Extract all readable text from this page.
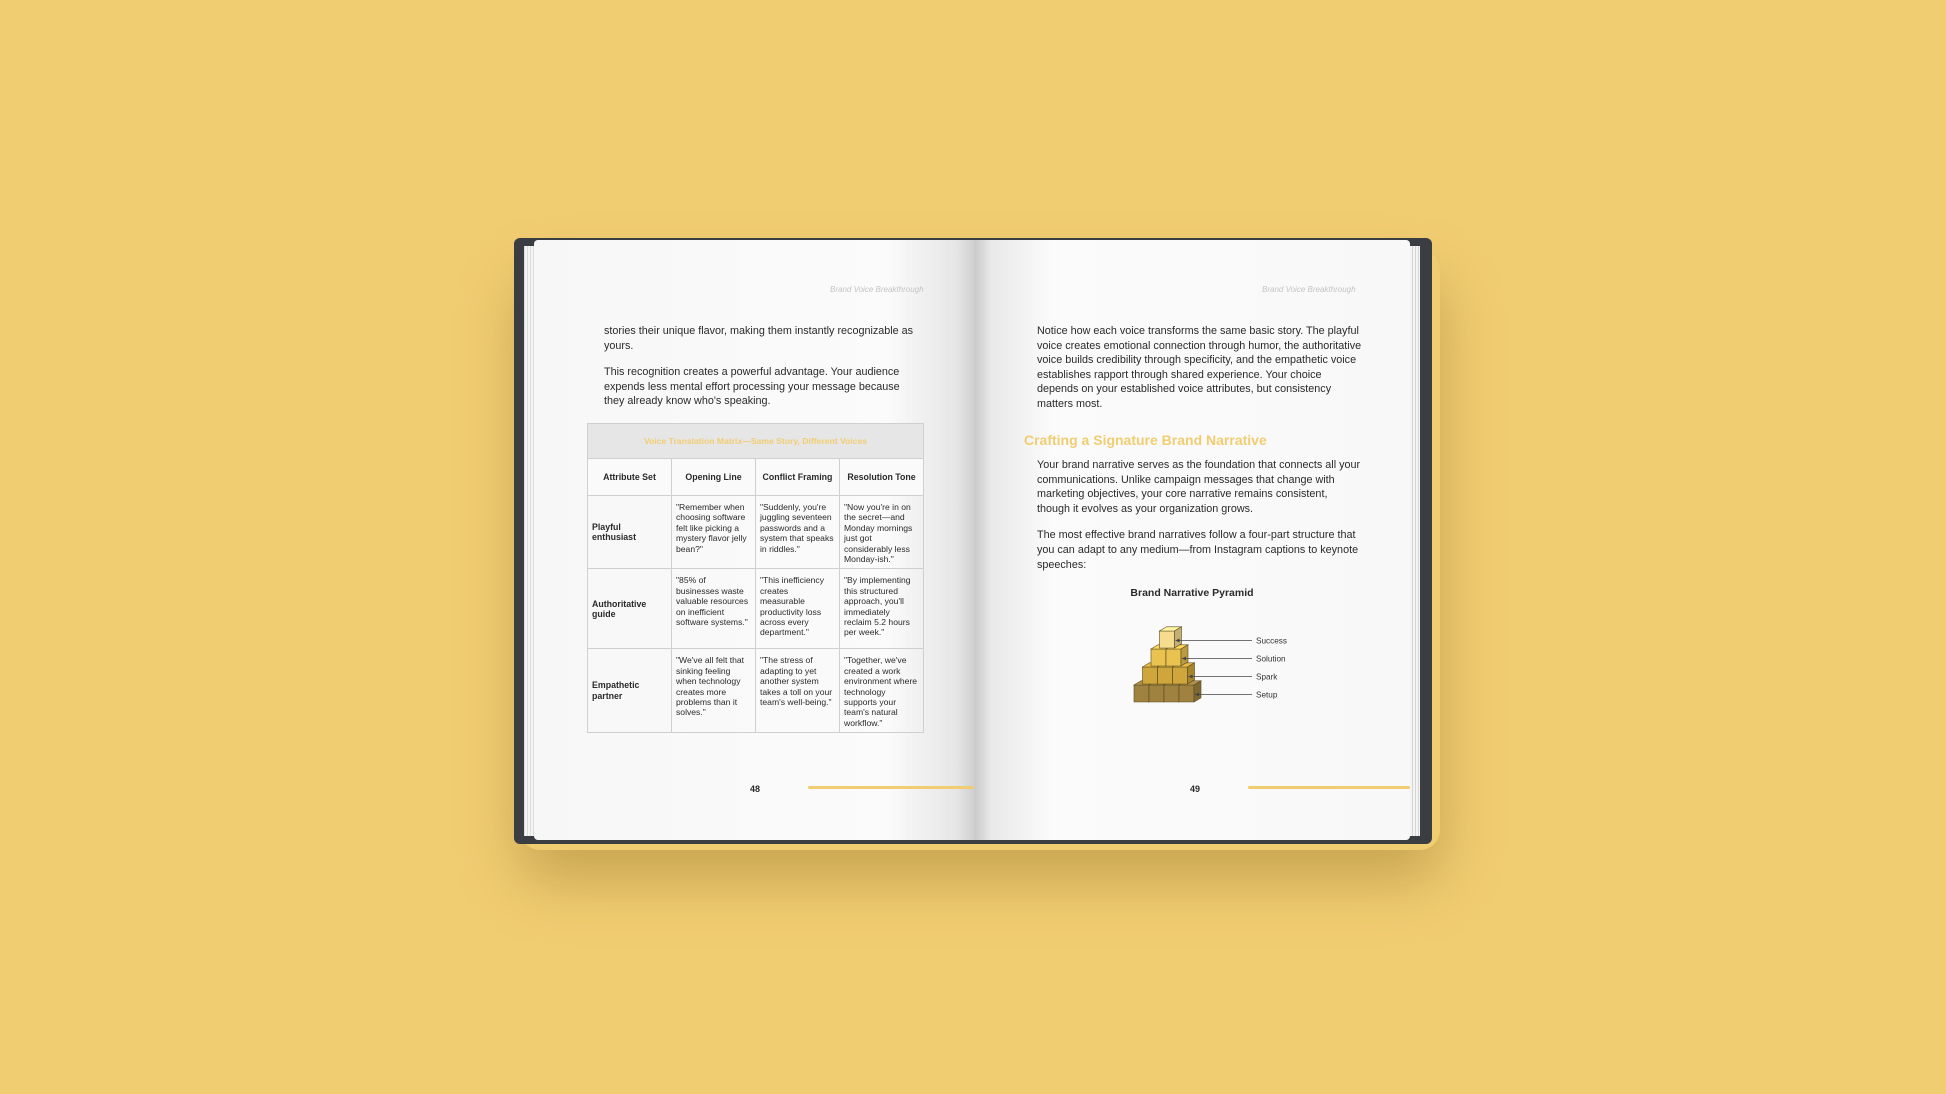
Brand Voice Breakthrough

stories their unique flavor, making them instantly recognizable as yours.

This recognition creates a powerful advantage. Your audience expends less mental effort processing your message because they already know who's speaking.

Voice Translation Matrix—Same Story, Different Voices			
Attribute Set	Opening Line	Conflict Framing	Resolution Tone
Playful enthusiast	"Remember when choosing software felt like picking a mystery flavor jelly bean?"	"Suddenly, you're juggling seventeen passwords and a system that speaks in riddles."	"Now you're in on the secret—and Monday mornings just got considerably less Monday-ish."
Authoritative guide	"85% of businesses waste valuable resources on inefficient software systems."	"This inefficiency creates measurable productivity loss across every department."	"By implementing this structured approach, you'll immediately reclaim 5.2 hours per week."
Empathetic partner	"We've all felt that sinking feeling when technology creates more problems than it solves."	"The stress of adapting to yet another system takes a toll on your team's well-being."	"Together, we've created a work environment where technology supports your team's natural workflow."
48
Brand Voice Breakthrough

Notice how each voice transforms the same basic story. The playful voice creates emotional connection through humor, the authoritative voice builds credibility through specificity, and the empathetic voice establishes rapport through shared experience. Your choice depends on your established voice attributes, but consistency matters most.

Crafting a Signature Brand Narrative

Your brand narrative serves as the foundation that connects all your communications. Unlike campaign messages that change with marketing objectives, your core narrative remains consistent, though it evolves as your organization grows.

The most effective brand narratives follow a four-part structure that you can adapt to any medium—from Instagram captions to keynote speeches:

Brand Narrative Pyramid
Success
Solution
Spark
Setup
49
